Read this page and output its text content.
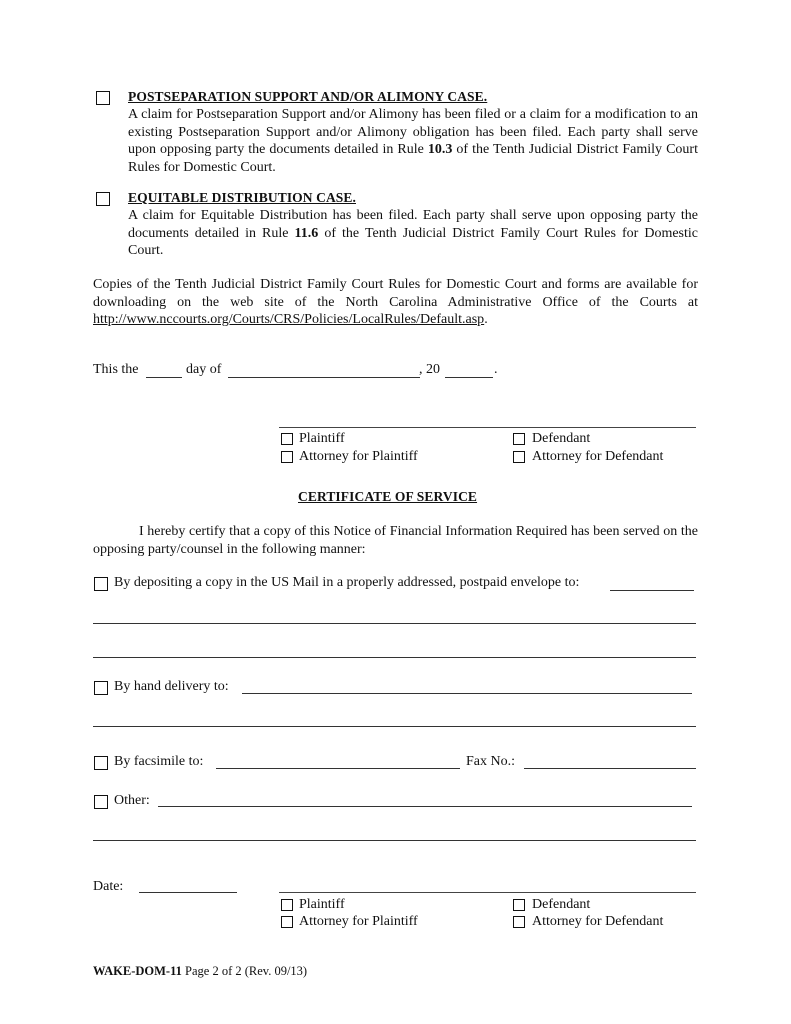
POSTSEPARATION SUPPORT AND/OR ALIMONY CASE.
A claim for Postseparation Support and/or Alimony has been filed or a claim for a modification to an existing Postseparation Support and/or Alimony obligation has been filed. Each party shall serve upon opposing party the documents detailed in Rule 10.3 of the Tenth Judicial District Family Court Rules for Domestic Court.
EQUITABLE DISTRIBUTION CASE.
A claim for Equitable Distribution has been filed. Each party shall serve upon opposing party the documents detailed in Rule 11.6 of the Tenth Judicial District Family Court Rules for Domestic Court.
Copies of the Tenth Judicial District Family Court Rules for Domestic Court and forms are available for downloading on the web site of the North Carolina Administrative Office of the Courts at http://www.nccourts.org/Courts/CRS/Policies/LocalRules/Default.asp.
This the	day of	, 20	.
Plaintiff
Attorney for Plaintiff
Defendant
Attorney for Defendant
CERTIFICATE OF SERVICE
I hereby certify that a copy of this Notice of Financial Information Required has been served on the opposing party/counsel in the following manner:
By depositing a copy in the US Mail in a properly addressed, postpaid envelope to:
By hand delivery to:
By facsimile to:	Fax No.:
Other:
Date:
Plaintiff
Attorney for Plaintiff
Defendant
Attorney for Defendant
WAKE-DOM-11 Page 2 of 2 (Rev. 09/13)
